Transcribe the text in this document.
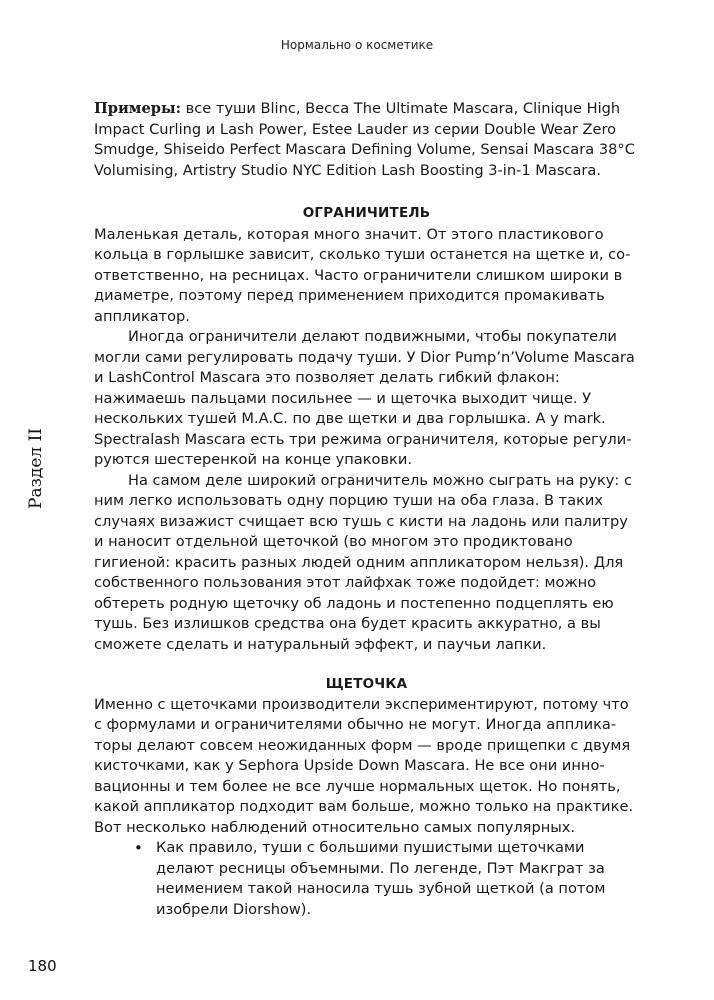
Нормально о косметике
Раздел II

Примеры: все туши Blinc, Becca The Ultimate Mascara, Clinique High Impact Curling и Lash Power, Estee Lauder из серии Double Wear Zero Smudge, Shiseido Perfect Mascara Defining Volume, Sensai Mascara 38°C Volumising, Artistry Studio NYC Edition Lash Boosting 3-in-1 Mascara.

ОГРАНИЧИТЕЛЬ

Маленькая деталь, которая много значит. От этого пластикового кольца в горлышке зависит, сколько туши останется на щетке и, соответственно, на ресницах. Часто ограничители слишком широки в диаметре, поэтому перед применением приходится промакивать аппликатор.

Иногда ограничители делают подвижными, чтобы покупатели могли сами регулировать подачу туши. У Dior Pump’n’Volume Mascara и LashControl Mascara это позволяет делать гибкий флакон: нажимаешь пальцами посильнее — и щеточка выходит чище. У нескольких тушей M.A.C. по две щетки и два горлышка. А у mark. Spectralash Mascara есть три режима ограничителя, которые регулируются шестеренкой на конце упаковки.

На самом деле широкий ограничитель можно сыграть на руку: с ним легко использовать одну порцию туши на оба глаза. В таких случаях визажист счищает всю тушь с кисти на ладонь или палитру и наносит отдельной щеточкой (во многом это продиктовано гигиеной: красить разных людей одним аппликатором нельзя). Для собственного пользования этот лайфхак тоже подойдет: можно обтереть родную щеточку об ладонь и постепенно подцеплять ею тушь. Без излишков средства она будет красить аккуратно, а вы сможете сделать и натуральный эффект, и паучьи лапки.

ЩЕТОЧКА

Именно с щеточками производители экспериментируют, потому что с формулами и ограничителями обычно не могут. Иногда аппликаторы делают совсем неожиданных форм — вроде прищепки с двумя кисточками, как у Sephora Upside Down Mascara. Не все они инновационны и тем более не все лучше нормальных щеток. Но понять, какой аппликатор подходит вам больше, можно только на практике. Вот несколько наблюдений относительно самых популярных.

• Как правило, туши с большими пушистыми щеточками делают ресницы объемными. По легенде, Пэт Макграт за неимением такой наносила тушь зубной щеткой (а потом изобрели Diorshow).
180
